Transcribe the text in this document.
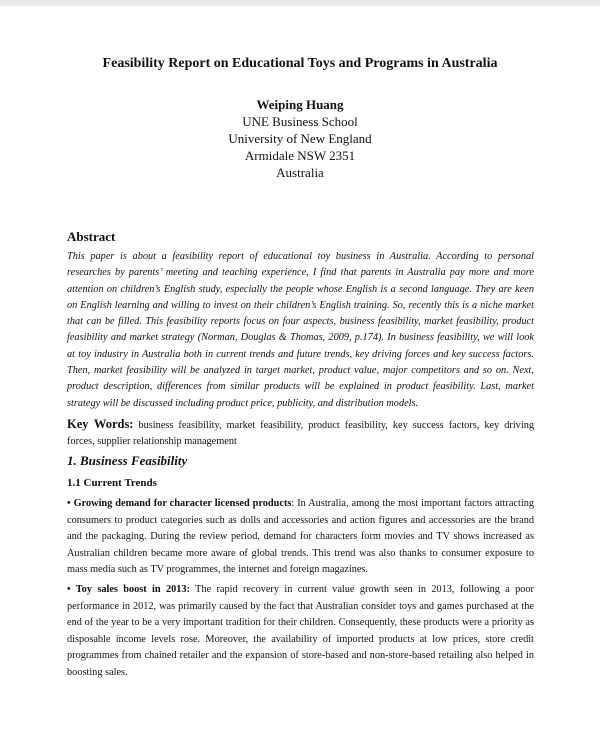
Feasibility Report on Educational Toys and Programs in Australia
Weiping Huang
UNE Business School
University of New England
Armidale NSW 2351
Australia
Abstract

This paper is about a feasibility report of educational toy business in Australia. According to personal researches by parents’ meeting and teaching experience, I find that parents in Australia pay more and more attention on children’s English study, especially the people whose English is a second language. They are keen on English learning and willing to invest on their children’s English training. So, recently this is a niche market that can be filled. This feasibility reports focus on four aspects, business feasibility, market feasibility, product feasibility and market strategy (Norman, Douglas & Thomas, 2009, p.174). In business feasibility, we will look at toy industry in Australia both in current trends and future trends, key driving forces and key success factors. Then, market feasibility will be analyzed in target market, product value, major competitors and so on. Next, product description, differences from similar products will be explained in product feasibility. Last, market strategy will be discussed including product price, publicity, and distribution models.

Key Words: business feasibility, market feasibility, product feasibility, key success factors, key driving forces, supplier relationship management

1. Business Feasibility
1.1 Current Trends

• Growing demand for character licensed products: In Australia, among the most important factors attracting consumers to product categories such as dolls and accessories and action figures and accessories are the brand and the packaging. During the review period, demand for characters form movies and TV shows increased as Australian children became more aware of global trends. This trend was also thanks to consumer exposure to mass media such as TV programmes, the internet and foreign magazines.

• Toy sales boost in 2013: The rapid recovery in current value growth seen in 2013, following a poor performance in 2012, was primarily caused by the fact that Australian consider toys and games purchased at the end of the year to be a very important tradition for their children. Consequently, these products were a priority as disposable income levels rose. Moreover, the availability of imported products at low prices, store credit programmes from chained retailer and the expansion of store-based and non-store-based retailing also helped in boosting sales.
